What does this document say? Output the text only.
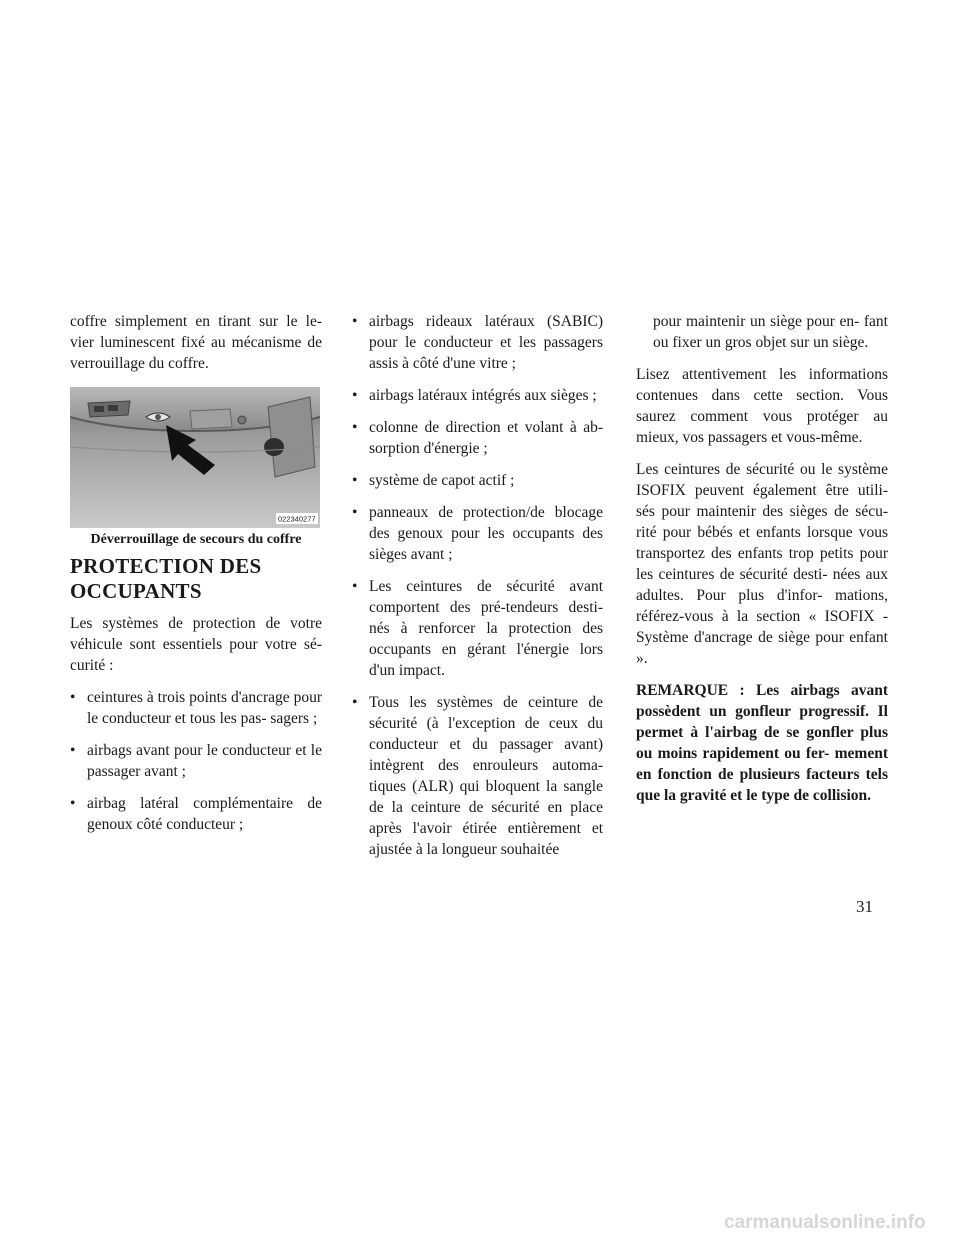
coffre simplement en tirant sur le le- vier luminescent fixé au mécanisme de verrouillage du coffre.

022340277

Déverrouillage de secours du coffre

PROTECTION DES OCCUPANTS

Les systèmes de protection de votre véhicule sont essentiels pour votre sé- curité :

• ceintures à trois points d'ancrage pour le conducteur et tous les pas- sagers ;
• airbags avant pour le conducteur et le passager avant ;
• airbag latéral complémentaire de genoux côté conducteur ;
• airbags rideaux latéraux (SABIC) pour le conducteur et les passagers assis à côté d'une vitre ;
• airbags latéraux intégrés aux sièges ;
• colonne de direction et volant à ab- sorption d'énergie ;
• système de capot actif ;
• panneaux de protection/de blocage des genoux pour les occupants des sièges avant ;
• Les ceintures de sécurité avant comportent des pré-tendeurs desti- nés à renforcer la protection des occupants en gérant l'énergie lors d'un impact.
• Tous les systèmes de ceinture de sécurité (à l'exception de ceux du conducteur et du passager avant) intègrent des enrouleurs automa- tiques (ALR) qui bloquent la sangle de la ceinture de sécurité en place après l'avoir étirée entièrement et ajustée à la longueur souhaitée

pour maintenir un siège pour en- fant ou fixer un gros objet sur un siège.

Lisez attentivement les informations contenues dans cette section. Vous saurez comment vous protéger au mieux, vos passagers et vous-même.

Les ceintures de sécurité ou le système ISOFIX peuvent également être utili- sés pour maintenir des sièges de sécu- rité pour bébés et enfants lorsque vous transportez des enfants trop petits pour les ceintures de sécurité desti- nées aux adultes. Pour plus d'infor- mations, référez-vous à la section « ISOFIX - Système d'ancrage de siège pour enfant ».

REMARQUE : Les airbags avant possèdent un gonfleur progressif. Il permet à l'airbag de se gonfler plus ou moins rapidement ou fer- mement en fonction de plusieurs facteurs tels que la gravité et le type de collision.

31
carmanualsonline.info
